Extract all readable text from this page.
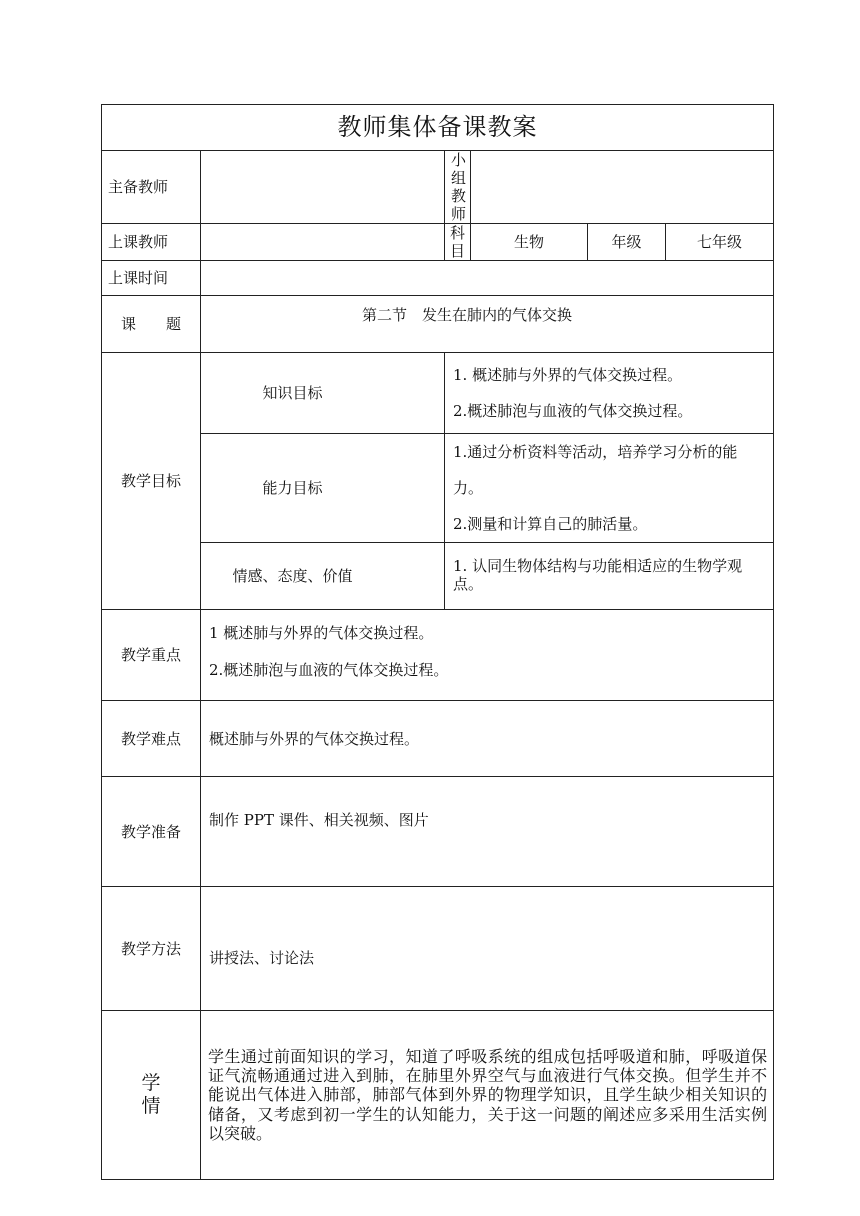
教师集体备课教案					
主备教师		小组教师			
上课教师		科　　目	生物	年级	七年级
上课时间					
课　　题	第二节　发生在肺内的气体交换				
教学目标	知识目标	1. 概述肺与外界的气体交换过程。
2.概述肺泡与血液的气体交换过程。			

	能力目标	1.通过分析资料等活动，培养学习分析的能力。
2.测量和计算自己的肺活量。			

	情感、态度、价值	1. 认同生物体结构与功能相适应的生物学观点。			

教学重点	1 概述肺与外界的气体交换过程。
2.概述肺泡与血液的气体交换过程。				

教学难点	概述肺与外界的气体交换过程。				
教学准备	制作 PPT 课件、相关视频、图片				
教学方法	讲授法、讨论法				

学
情	学生通过前面知识的学习，知道了呼吸系统的组成包括呼吸道和肺，呼吸道保证气流畅通通过进入到肺，在肺里外界空气与血液进行气体交换。但学生并不能说出气体进入肺部，肺部气体到外界的物理学知识，且学生缺少相关知识的储备，又考虑到初一学生的认知能力，关于这一问题的阐述应多采用生活实例以突破。				
